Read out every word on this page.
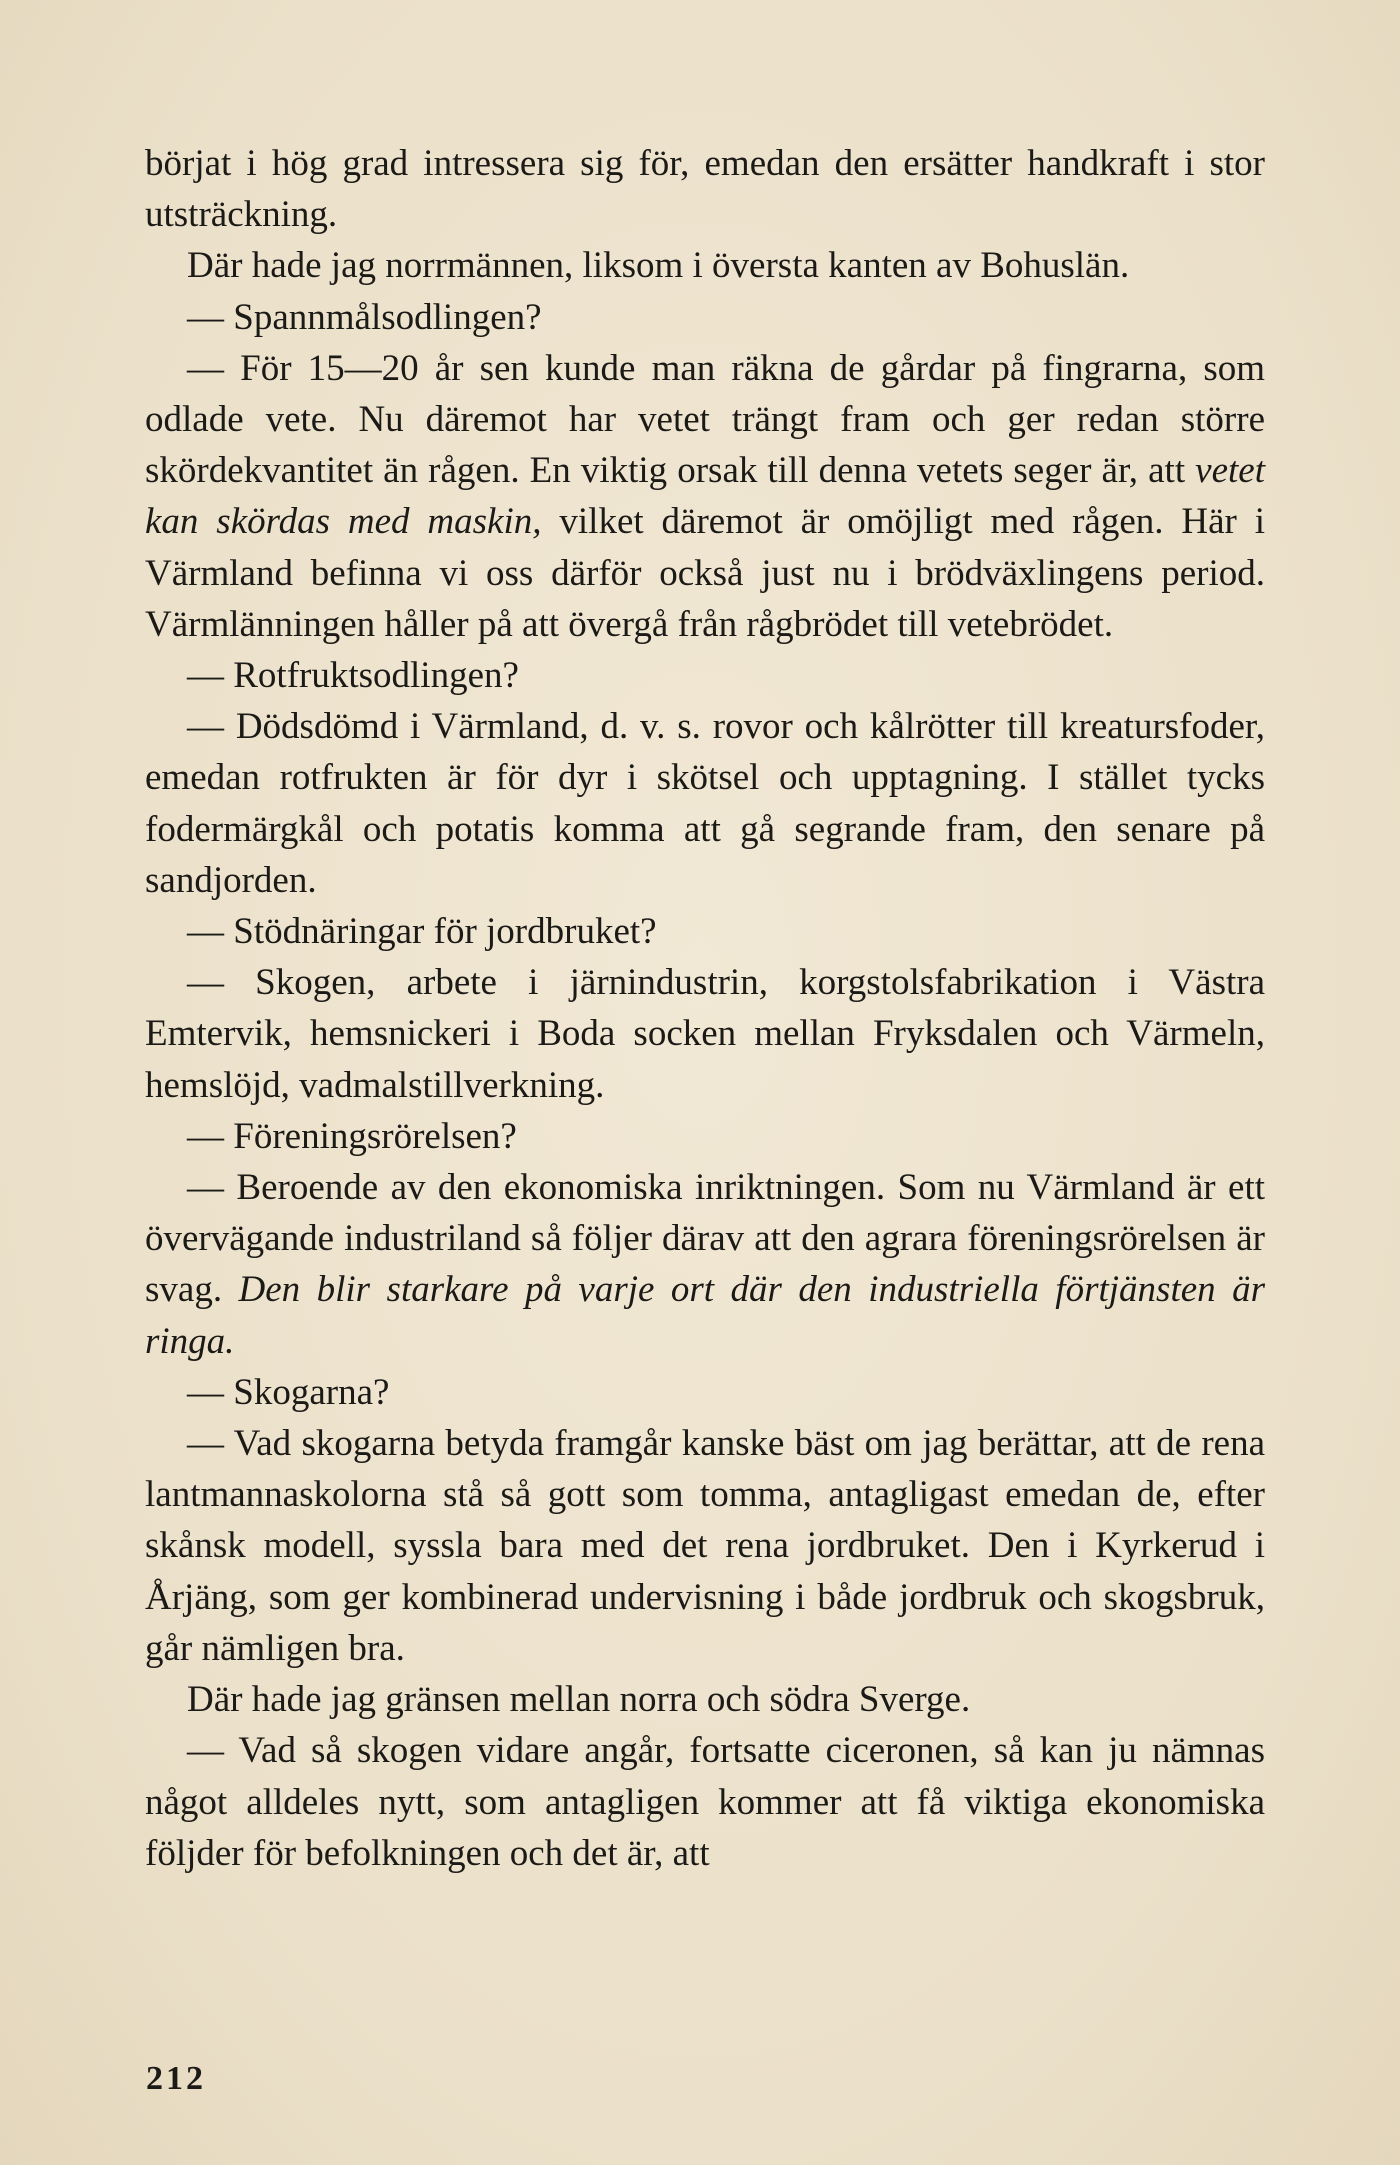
börjat i hög grad intressera sig för, emedan den ersätter handkraft i stor utsträckning.

Där hade jag norrmännen, liksom i översta kanten av Bohuslän.

— Spannmålsodlingen?

— För 15—20 år sen kunde man räkna de gårdar på fingrarna, som odlade vete. Nu däremot har vetet trängt fram och ger redan större skördekvantitet än rågen. En viktig orsak till denna vetets seger är, att vetet kan skördas med maskin, vilket däremot är omöjligt med rågen. Här i Värmland befinna vi oss därför också just nu i brödväxlingens period. Värmlänningen håller på att övergå från rågbrödet till vetebrödet.

— Rotfruktsodlingen?

— Dödsdömd i Värmland, d. v. s. rovor och kålrötter till kreatursfoder, emedan rotfrukten är för dyr i skötsel och upptagning. I stället tycks fodermärgkål och potatis komma att gå segrande fram, den senare på sandjorden.

— Stödnäringar för jordbruket?

— Skogen, arbete i järnindustrin, korgstolsfabrikation i Västra Emtervik, hemsnickeri i Boda socken mellan Fryksdalen och Värmeln, hemslöjd, vadmalstillverkning.

— Föreningsrörelsen?

— Beroende av den ekonomiska inriktningen. Som nu Värmland är ett övervägande industriland så följer därav att den agrara föreningsrörelsen är svag. Den blir starkare på varje ort där den industriella förtjänsten är ringa.

— Skogarna?

— Vad skogarna betyda framgår kanske bäst om jag berättar, att de rena lantmannaskolorna stå så gott som tomma, antagligast emedan de, efter skånsk modell, syssla bara med det rena jordbruket. Den i Kyrkerud i Årjäng, som ger kombinerad undervisning i både jordbruk och skogsbruk, går nämligen bra.

Där hade jag gränsen mellan norra och södra Sverge.

— Vad så skogen vidare angår, fortsatte ciceronen, så kan ju nämnas något alldeles nytt, som antagligen kommer att få viktiga ekonomiska följder för befolkningen och det är, att

212
